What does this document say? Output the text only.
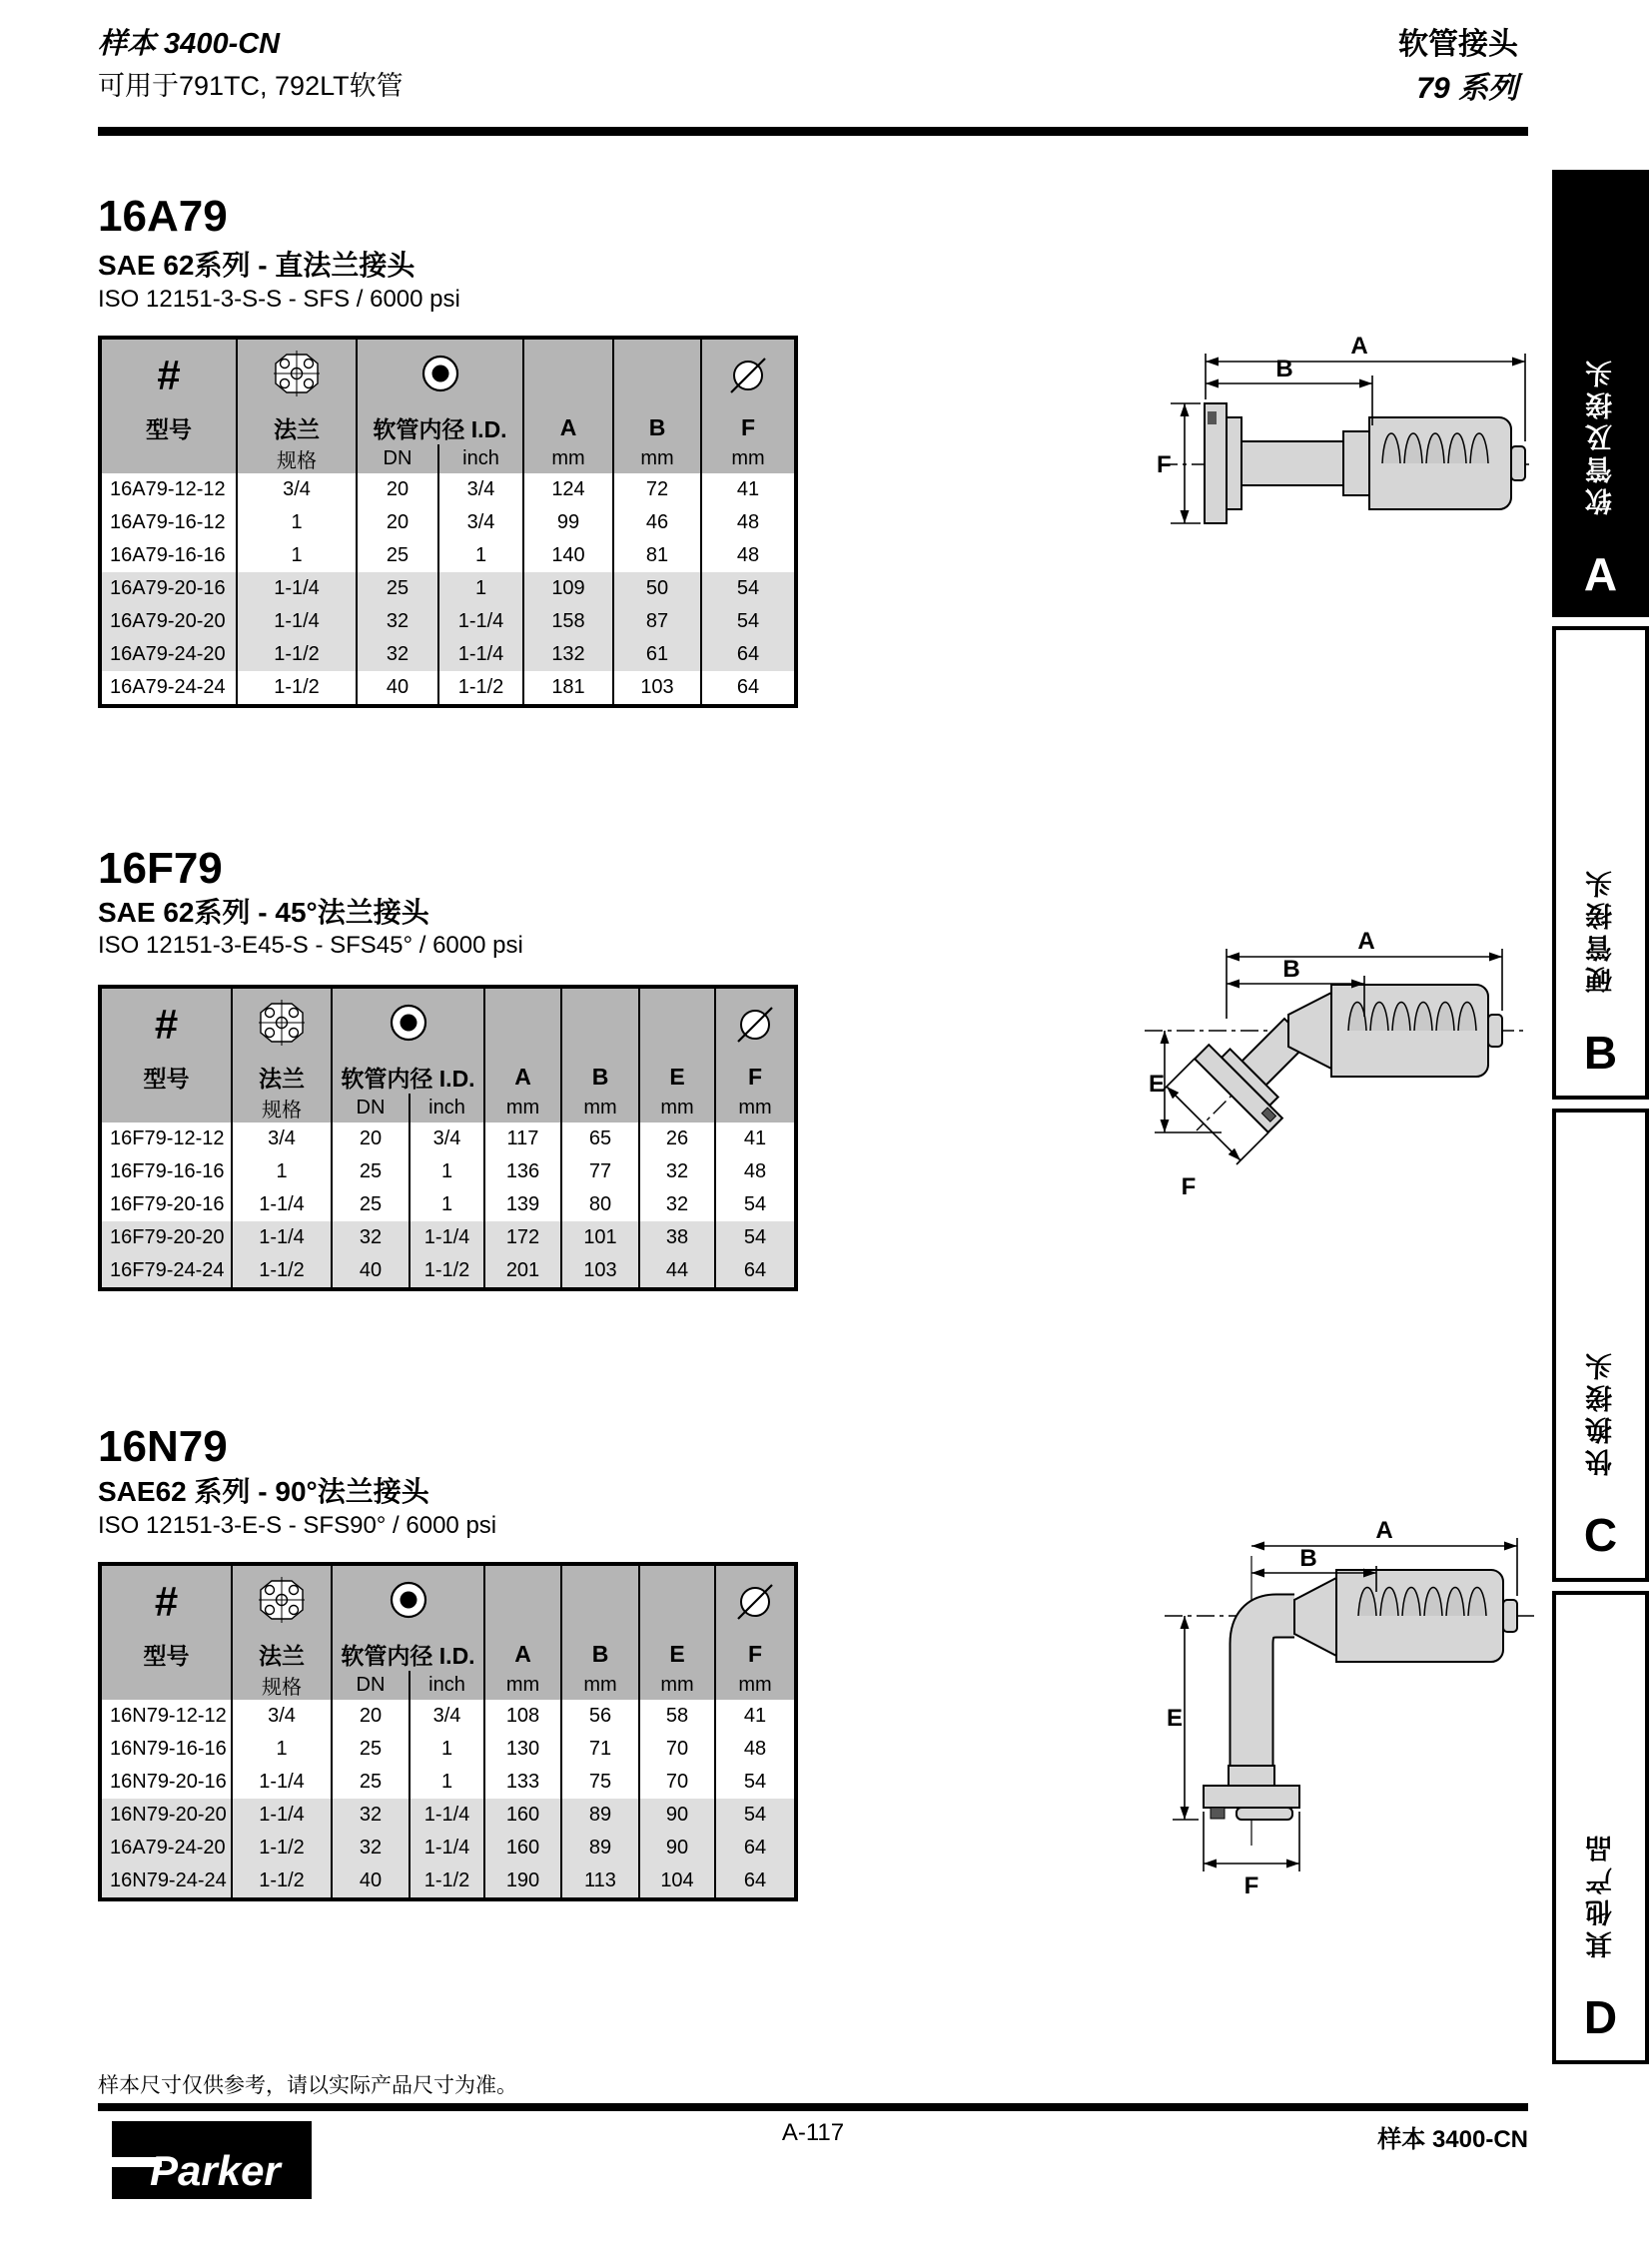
样本 3400-CN
可用于791TC, 792LT软管
软管接头
79 系列
软管及接头
A
硬管接头
B
快换接头
C
其他产品
D
16A79
SAE 62系列 - 直法兰接头
ISO 12151-3-S-S - SFS / 6000 psi
#					
型号	法兰	软管内径 I.D.		A	B	F
	规格	DN	inch	mm	mm	mm
16A79-12-12	3/4	20	3/4	124	72	41
16A79-16-12	1	20	3/4	99	46	48
16A79-16-16	1	25	1	140	81	48
16A79-20-16	1-1/4	25	1	109	50	54
16A79-20-20	1-1/4	32	1-1/4	158	87	54
16A79-24-20	1-1/2	32	1-1/4	132	61	64
16A79-24-24	1-1/2	40	1-1/2	181	103	64
A
B
F
16F79
SAE 62系列 - 45°法兰接头
ISO 12151-3-E45-S - SFS45° / 6000 psi
#						
型号	法兰	软管内径 I.D.		A	B	E	F
	规格	DN	inch	mm	mm	mm	mm
16F79-12-12	3/4	20	3/4	117	65	26	41
16F79-16-16	1	25	1	136	77	32	48
16F79-20-16	1-1/4	25	1	139	80	32	54
16F79-20-20	1-1/4	32	1-1/4	172	101	38	54
16F79-24-24	1-1/2	40	1-1/2	201	103	44	64
A
B
E
F
16N79
SAE62 系列 - 90°法兰接头
ISO 12151-3-E-S - SFS90° / 6000 psi
#						
型号	法兰	软管内径 I.D.		A	B	E	F
	规格	DN	inch	mm	mm	mm	mm
16N79-12-12	3/4	20	3/4	108	56	58	41
16N79-16-16	1	25	1	130	71	70	48
16N79-20-16	1-1/4	25	1	133	75	70	54
16N79-20-20	1-1/4	32	1-1/4	160	89	90	54
16A79-24-20	1-1/2	32	1-1/4	160	89	90	64
16N79-24-24	1-1/2	40	1-1/2	190	113	104	64
A
B
E
F
样本尺寸仅供参考，请以实际产品尺寸为准。
A-117	样本 3400-CN
Parker
